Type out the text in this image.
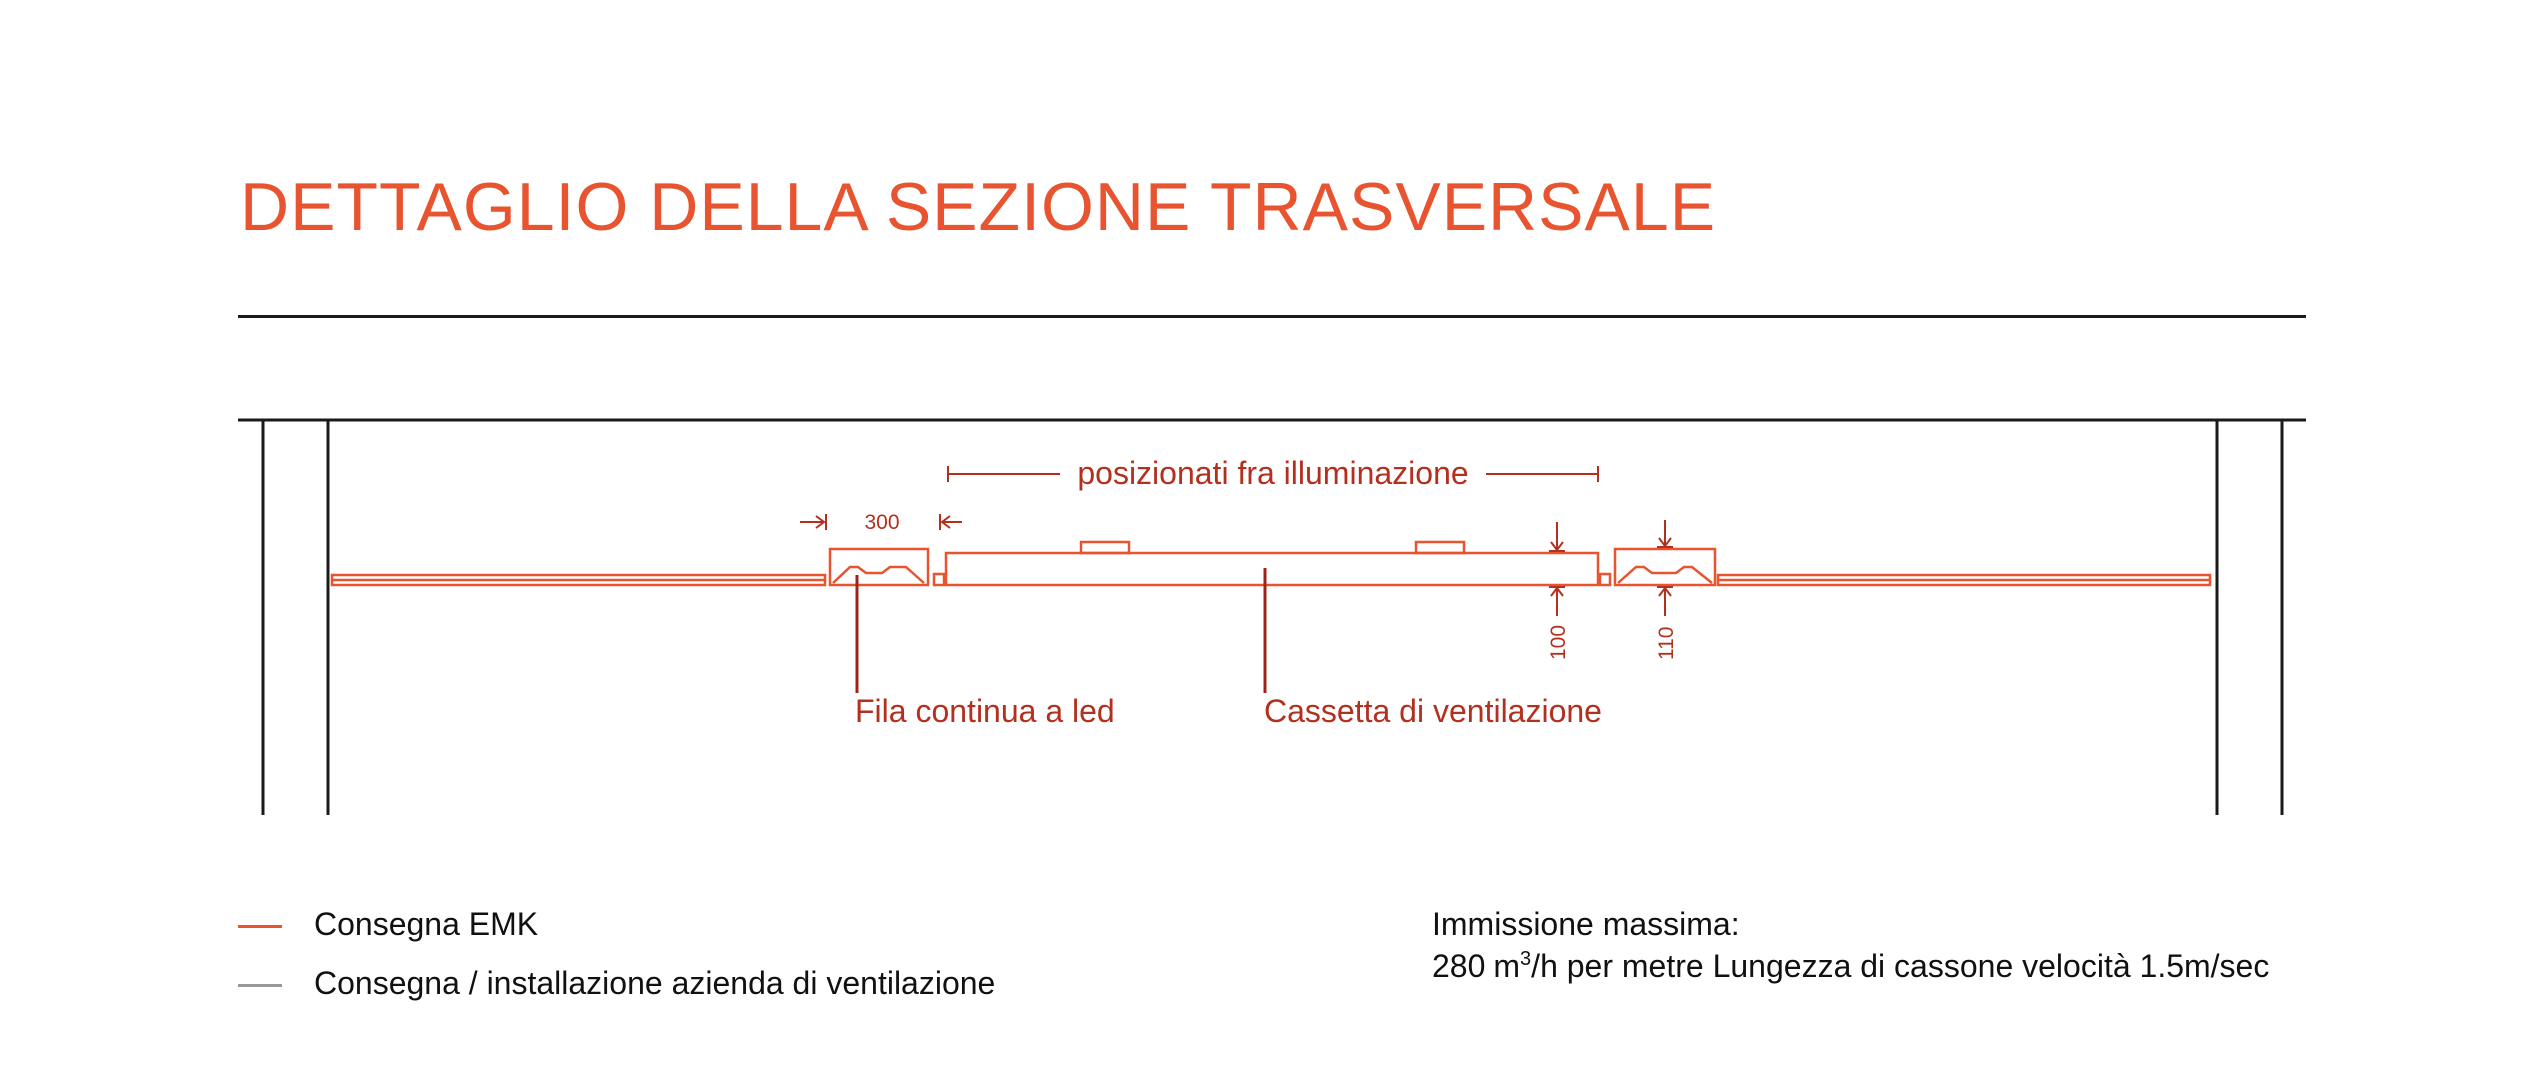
DETTAGLIO DELLA SEZIONE TRASVERSALE
posizionati fra illuminazione
300
100	110
Fila continua a led	Cassetta di ventilazione
Consegna EMK
Consegna / installazione azienda di ventilazione
Immissione massima:
280 $m^3/h$ per metre Lungezza di cassone velocità 1.5m/sec
